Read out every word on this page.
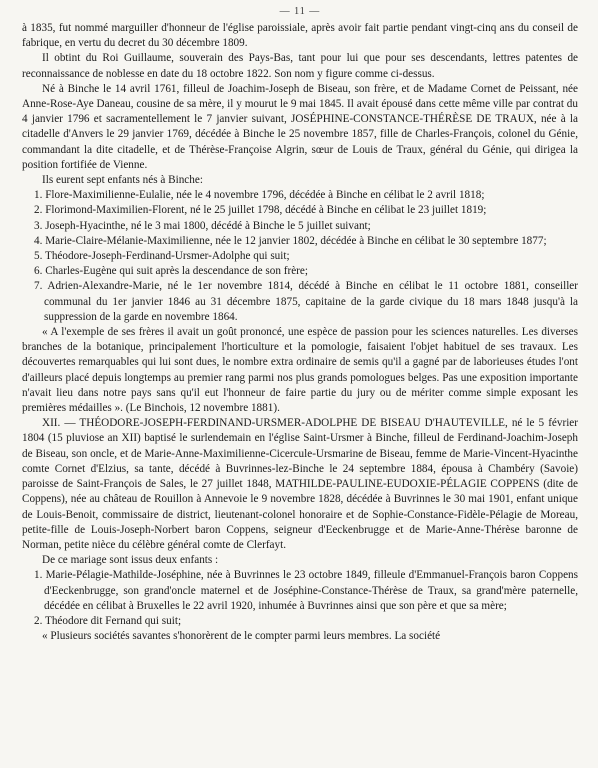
— 11 —

à 1835, fut nommé marguiller d'honneur de l'église paroissiale, après avoir fait partie pendant vingt-cinq ans du conseil de fabrique, en vertu du decret du 30 décembre 1809.

Il obtint du Roi Guillaume, souverain des Pays-Bas, tant pour lui que pour ses descendants, lettres patentes de reconnaissance de noblesse en date du 18 octobre 1822. Son nom y figure comme ci-dessus.

Né à Binche le 14 avril 1761, filleul de Joachim-Joseph de Biseau, son frère, et de Madame Cornet de Peissant, née Anne-Rose-Aye Daneau, cousine de sa mère, il y mourut le 9 mai 1845. Il avait épousé dans cette même ville par contrat du 4 janvier 1796 et sacramentellement le 7 janvier suivant, JOSÉPHINE-CONSTANCE-THÉRÈSE DE TRAUX, née à la citadelle d'Anvers le 29 janvier 1769, décédée à Binche le 25 novembre 1857, fille de Charles-François, colonel du Génie, commandant la dite citadelle, et de Thérèse-Françoise Algrin, sœur de Louis de Traux, général du Génie, qui dirigea la position fortifiée de Vienne.

Ils eurent sept enfants nés à Binche:

1. Flore-Maximilienne-Eulalie, née le 4 novembre 1796, décédée à Binche en célibat le 2 avril 1818;

2. Florimond-Maximilien-Florent, né le 25 juillet 1798, décédé à Binche en célibat le 23 juillet 1819;

3. Joseph-Hyacinthe, né le 3 mai 1800, décédé à Binche le 5 juillet suivant;

4. Marie-Claire-Mélanie-Maximilienne, née le 12 janvier 1802, décédée à Binche en célibat le 30 septembre 1877;

5. Théodore-Joseph-Ferdinand-Ursmer-Adolphe qui suit;

6. Charles-Eugène qui suit après la descendance de son frère;

7. Adrien-Alexandre-Marie, né le 1er novembre 1814, décédé à Binche en célibat le 11 octobre 1881, conseiller communal du 1er janvier 1846 au 31 décembre 1875, capitaine de la garde civique du 18 mars 1848 jusqu'à la suppression de la garde en novembre 1864.

« A l'exemple de ses frères il avait un goût prononcé, une espèce de passion pour les sciences naturelles. Les diverses branches de la botanique, principalement l'horticulture et la pomologie, faisaient l'objet habituel de ses travaux. Les découvertes remarquables qui lui sont dues, le nombre extra ordinaire de semis qu'il a gagné par de laborieuses études l'ont d'ailleurs placé depuis longtemps au premier rang parmi nos plus grands pomologues belges. Pas une exposition importante n'avait lieu dans notre pays sans qu'il eut l'honneur de faire partie du jury ou de mériter comme simple exposant les premières médailles ». (Le Binchois, 12 novembre 1881).

XII. — THÉODORE-JOSEPH-FERDINAND-URSMER-ADOLPHE DE BISEAU D'HAUTEVILLE, né le 5 février 1804 (15 pluviose an XII) baptisé le surlendemain en l'église Saint-Ursmer à Binche, filleul de Ferdinand-Joachim-Joseph de Biseau, son oncle, et de Marie-Anne-Maximilienne-Cicercule-Ursmarine de Biseau, femme de Marie-Vincent-Hyacinthe comte Cornet d'Elzius, sa tante, décédé à Buvrinnes-lez-Binche le 24 septembre 1884, épousa à Chambéry (Savoie) paroisse de Saint-François de Sales, le 27 juillet 1848, MATHILDE-PAULINE-EUDOXIE-PÉLAGIE COPPENS (dite de Coppens), née au château de Rouillon à Annevoie le 9 novembre 1828, décédée à Buvrinnes le 30 mai 1901, enfant unique de Louis-Benoit, commissaire de district, lieutenant-colonel honoraire et de Sophie-Constance-Fidèle-Pélagie de Moreau, petite-fille de Louis-Joseph-Norbert baron Coppens, seigneur d'Eeckenbrugge et de Marie-Anne-Thérèse baronne de Norman, petite nièce du célèbre général comte de Clerfayt.

De ce mariage sont issus deux enfants :

1. Marie-Pélagie-Mathilde-Joséphine, née à Buvrinnes le 23 octobre 1849, filleule d'Emmanuel-François baron Coppens d'Eeckenbrugge, son grand'oncle maternel et de Joséphine-Constance-Thérèse de Traux, sa grand'mère paternelle, décédée en célibat à Bruxelles le 22 avril 1920, inhumée à Buvrinnes ainsi que son père et que sa mère;

2. Théodore dit Fernand qui suit;

« Plusieurs sociétés savantes s'honorèrent de le compter parmi leurs membres. La société
